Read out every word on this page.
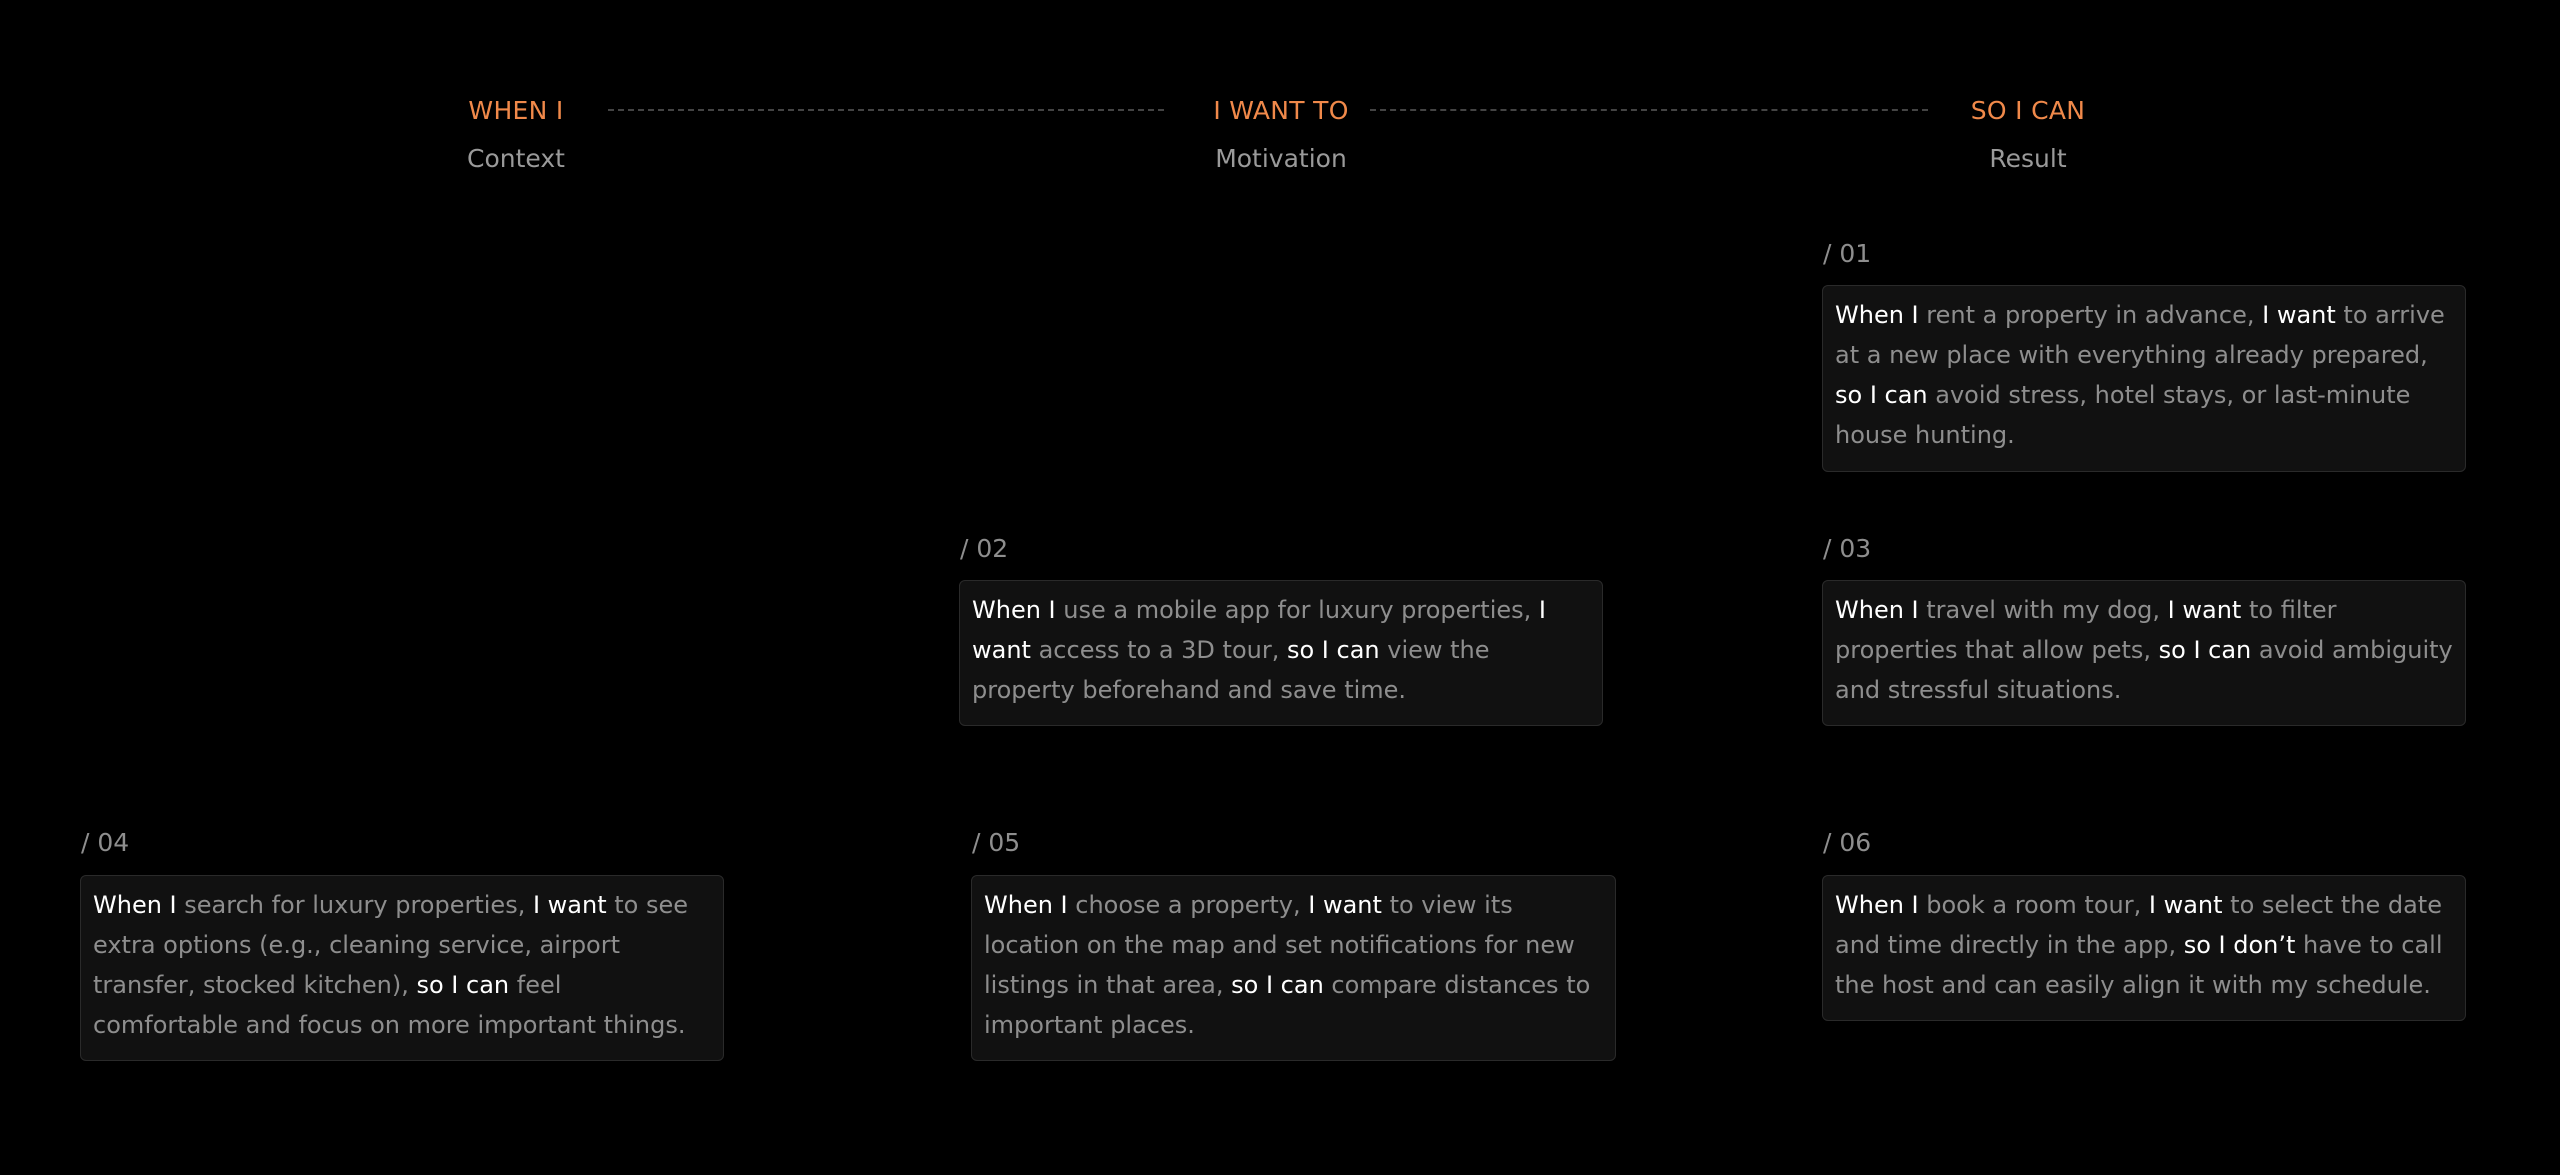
WHEN I
Context
I WANT TO
Motivation
SO I CAN
Result
/ 01
When I rent a property in advance, I want to arrive at a new place with everything already prepared, so I can avoid stress, hotel stays, or last-minute house hunting.
/ 02
When I use a mobile app for luxury properties, I want access to a 3D tour, so I can view the property beforehand and save time.
/ 03
When I travel with my dog, I want to filter properties that allow pets, so I can avoid ambiguity and stressful situations.
/ 04
When I search for luxury properties, I want to see extra options (e.g., cleaning service, airport transfer, stocked kitchen), so I can feel comfortable and focus on more important things.
/ 05
When I choose a property, I want to view its location on the map and set notifications for new listings in that area, so I can compare distances to important places.
/ 06
When I book a room tour, I want to select the date and time directly in the app, so I don’t have to call the host and can easily align it with my schedule.
